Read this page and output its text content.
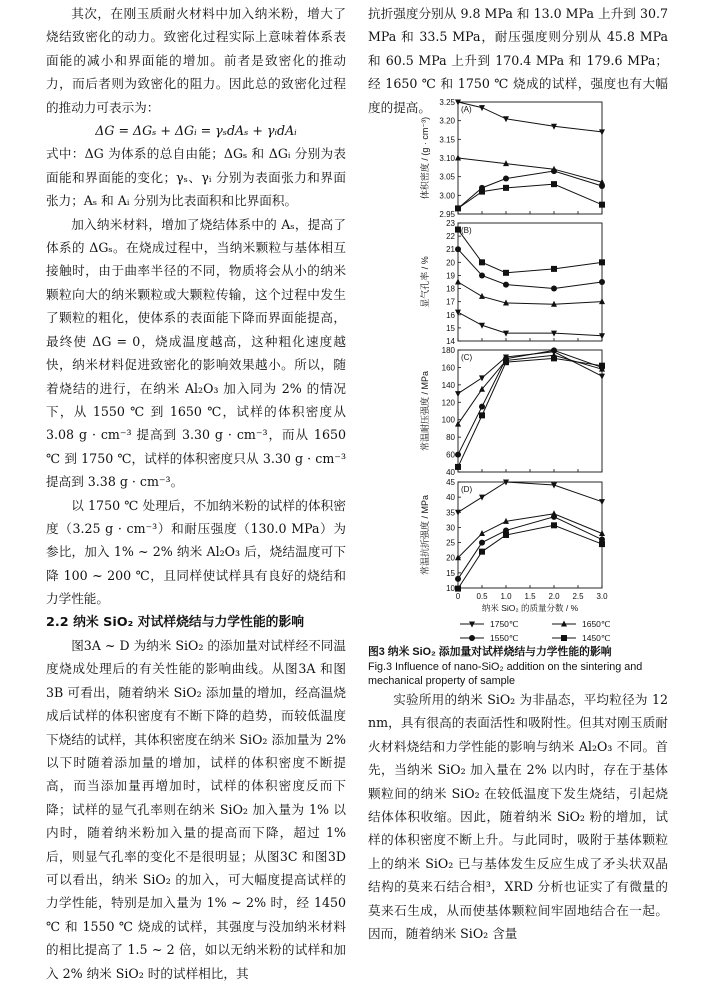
其次，在刚玉质耐火材料中加入纳米粉，增大了烧结致密化的动力。致密化过程实际上意味着体系表面能的减小和界面能的增加。前者是致密化的推动力，而后者则为致密化的阻力。因此总的致密化过程的推动力可表示为：

ΔG = ΔGₛ + ΔGᵢ = γₛdAₛ + γᵢdAᵢ

式中：ΔG 为体系的总自由能；ΔGₛ 和 ΔGᵢ 分别为表面能和界面能的变化；γₛ、γᵢ 分别为表面张力和界面张力；Aₛ 和 Aᵢ 分别为比表面积和比界面积。

加入纳米材料，增加了烧结体系中的 Aₛ，提高了体系的 ΔGₛ。在烧成过程中，当纳米颗粒与基体相互接触时，由于曲率半径的不同，物质将会从小的纳米颗粒向大的纳米颗粒或大颗粒传输，这个过程中发生了颗粒的粗化，使体系的表面能下降而界面能提高，最终使 ΔG = 0，烧成温度越高，这种粗化速度越快，纳米材料促进致密化的影响效果越小。所以，随着烧结的进行，在纳米 Al₂O₃ 加入同为 2% 的情况下，从 1550 ℃ 到 1650 ℃，试样的体积密度从 3.08 g · cm⁻³ 提高到 3.30 g · cm⁻³，而从 1650 ℃ 到 1750 ℃，试样的体积密度只从 3.30 g · cm⁻³ 提高到 3.38 g · cm⁻³。

以 1750 ℃ 处理后，不加纳米粉的试样的体积密度（3.25 g · cm⁻³）和耐压强度（130.0 MPa）为参比，加入 1% ~ 2% 纳米 Al₂O₃ 后，烧结温度可下降 100 ~ 200 ℃，且同样使试样具有良好的烧结和力学性能。

2.2 纳米 SiO₂ 对试样烧结与力学性能的影响

图3A ~ D 为纳米 SiO₂ 的添加量对试样经不同温度烧成处理后的有关性能的影响曲线。从图3A 和图3B 可看出，随着纳米 SiO₂ 添加量的增加，经高温烧成后试样的体积密度有不断下降的趋势，而较低温度下烧结的试样，其体积密度在纳米 SiO₂ 添加量为 2% 以下时随着添加量的增加，试样的体积密度不断提高，而当添加量再增加时，试样的体积密度反而下降；试样的显气孔率则在纳米 SiO₂ 加入量为 1% 以内时，随着纳米粉加入量的提高而下降，超过 1% 后，则显气孔率的变化不是很明显；从图3C 和图3D 可以看出，纳米 SiO₂ 的加入，可大幅度提高试样的力学性能，特别是加入量为 1% ~ 2% 时，经 1450 ℃ 和 1550 ℃ 烧成的试样，其强度与没加纳米材料的相比提高了 1.5 ~ 2 倍，如以无纳米粉的试样和加入 2% 纳米 SiO₂ 时的试样相比，其

抗折强度分别从 9.8 MPa 和 13.0 MPa 上升到 30.7 MPa 和 33.5 MPa，耐压强度则分别从 45.8 MPa 和 60.5 MPa 上升到 170.4 MPa 和 179.6 MPa；经 1650 ℃ 和 1750 ℃ 烧成的试样，强度也有大幅度的提高。

2.95
3.00
3.05
3.10
3.15
3.20
3.25
(A)
体积密度 / (g · cm⁻³)
14
15
16
17
18
19
20
21
22
23
(B)
显气孔率 / %
40
60
80
100
120
140
160
180
(C)
常温耐压强度 / MPa
10
15
20
25
30
35
40
45
(D)
常温抗折强度 / MPa
0 0.5 1.0 1.5 2.0 2.5 3.0
纳米 SiO₂ 的质量分数 / %
1750℃	1650℃
1550℃	1450℃
图3 纳米 SiO₂ 添加量对试样烧结与力学性能的影响
Fig.3 Influence of nano-SiO₂ addition on the sintering and mechanical property of sample

实验所用的纳米 SiO₂ 为非晶态，平均粒径为 12 nm，具有很高的表面活性和吸附性。但其对刚玉质耐火材料烧结和力学性能的影响与纳米 Al₂O₃ 不同。首先，当纳米 SiO₂ 加入量在 2% 以内时，存在于基体颗粒间的纳米 SiO₂ 在较低温度下发生烧结，引起烧结体体积收缩。因此，随着纳米 SiO₂ 粉的增加，试样的体积密度不断上升。与此同时，吸附于基体颗粒上的纳米 SiO₂ 已与基体发生反应生成了矛头状双晶结构的莫来石结合相³，XRD 分析也证实了有微量的莫来石生成，从而使基体颗粒间牢固地结合在一起。因而，随着纳米 SiO₂ 含量
